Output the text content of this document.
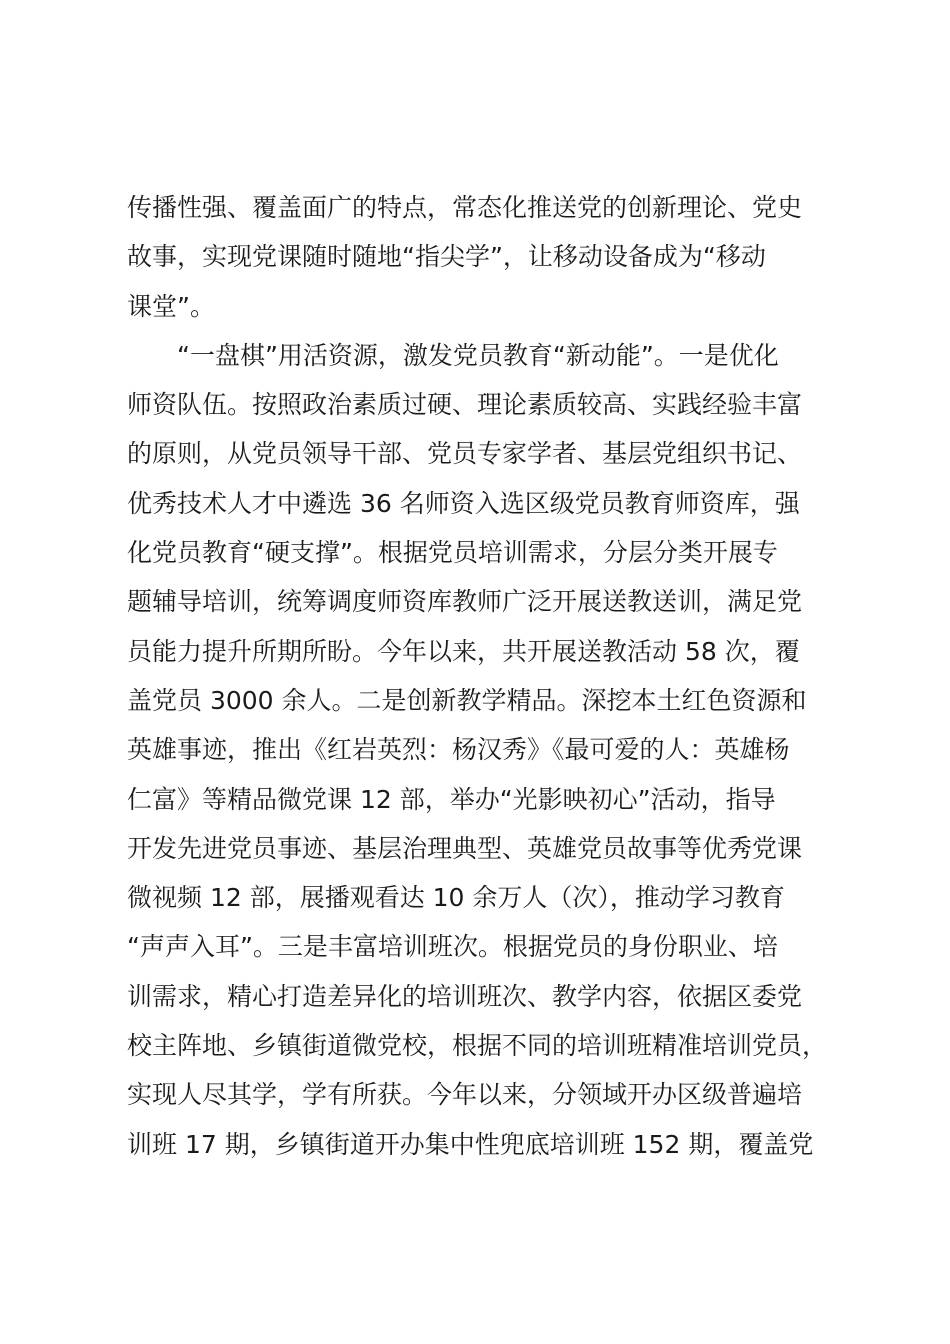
传播性强、覆盖面广的特点，常态化推送党的创新理论、党史
故事，实现党课随时随地“指尖学”，让移动设备成为“移动
课堂”。
“一盘棋”用活资源，激发党员教育“新动能”。一是优化
师资队伍。按照政治素质过硬、理论素质较高、实践经验丰富
的原则，从党员领导干部、党员专家学者、基层党组织书记、
优秀技术人才中遴选 36 名师资入选区级党员教育师资库，强
化党员教育“硬支撑”。根据党员培训需求，分层分类开展专
题辅导培训，统筹调度师资库教师广泛开展送教送训，满足党
员能力提升所期所盼。今年以来，共开展送教活动 58 次，覆
盖党员 3000 余人。二是创新教学精品。深挖本土红色资源和
英雄事迹，推出《红岩英烈：杨汉秀》《最可爱的人：英雄杨
仁富》等精品微党课 12 部，举办“光影映初心”活动，指导
开发先进党员事迹、基层治理典型、英雄党员故事等优秀党课
微视频 12 部，展播观看达 10 余万人（次），推动学习教育
“声声入耳”。三是丰富培训班次。根据党员的身份职业、培
训需求，精心打造差异化的培训班次、教学内容，依据区委党
校主阵地、乡镇街道微党校，根据不同的培训班精准培训党员，
实现人尽其学，学有所获。今年以来，分领域开办区级普遍培
训班 17 期，乡镇街道开办集中性兜底培训班 152 期，覆盖党
